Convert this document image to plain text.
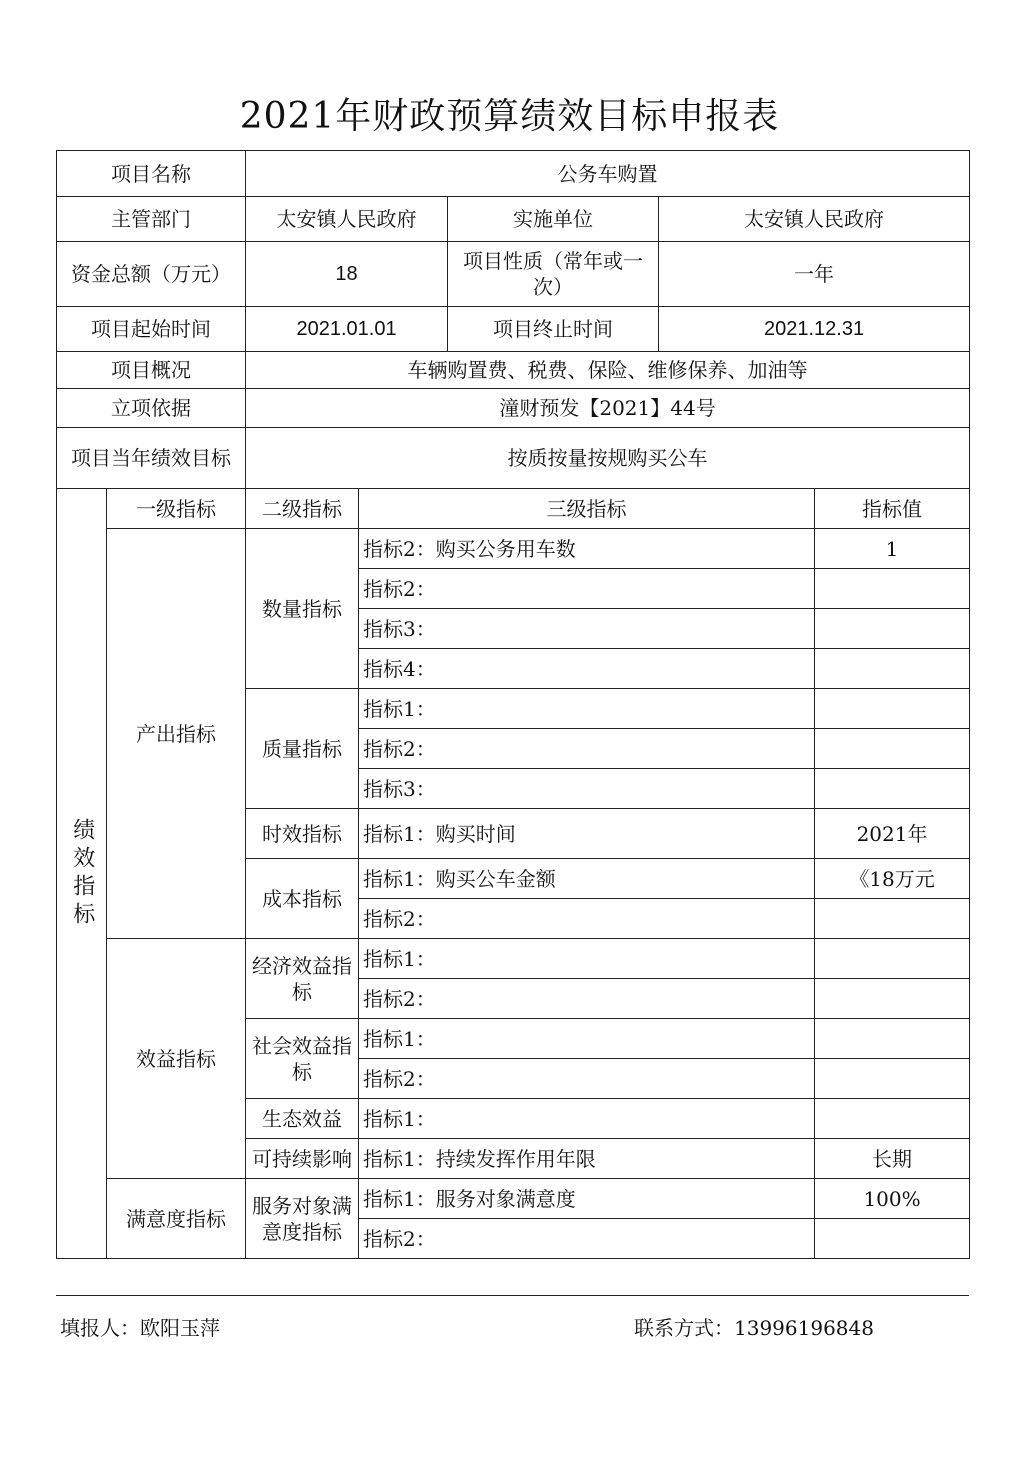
2021年财政预算绩效目标申报表
项目名称		公务车购置				
主管部门		太安镇人民政府		实施单位	太安镇人民政府	
资金总额（万元）		18		项目性质（常年或一次）	一年	
项目起始时间		2021.01.01		项目终止时间	2021.12.31	
项目概况		车辆购置费、税费、保险、维修保养、加油等				
立项依据		潼财预发【2021】44号				
项目当年绩效目标		按质按量按规购买公车				

绩效指标	一级指标	二级指标	三级指标			指标值
	产出指标	数量指标	指标2：购买公务用车数			1
			指标2：			
			指标3：			
			指标4：			
		质量指标	指标1：			
			指标2：			
			指标3：			
		时效指标	指标1：购买时间			2021年
		成本指标	指标1：购买公车金额			《18万元
			指标2：			
	效益指标	经济效益指标	指标1：			
			指标2：			
		社会效益指标	指标1：			
			指标2：			
		生态效益	指标1：			
		可持续影响	指标1：持续发挥作用年限			长期
	满意度指标	服务对象满意度指标	指标1：服务对象满意度			100%
			指标2：			
填报人：欧阳玉萍	联系方式：13996196848
